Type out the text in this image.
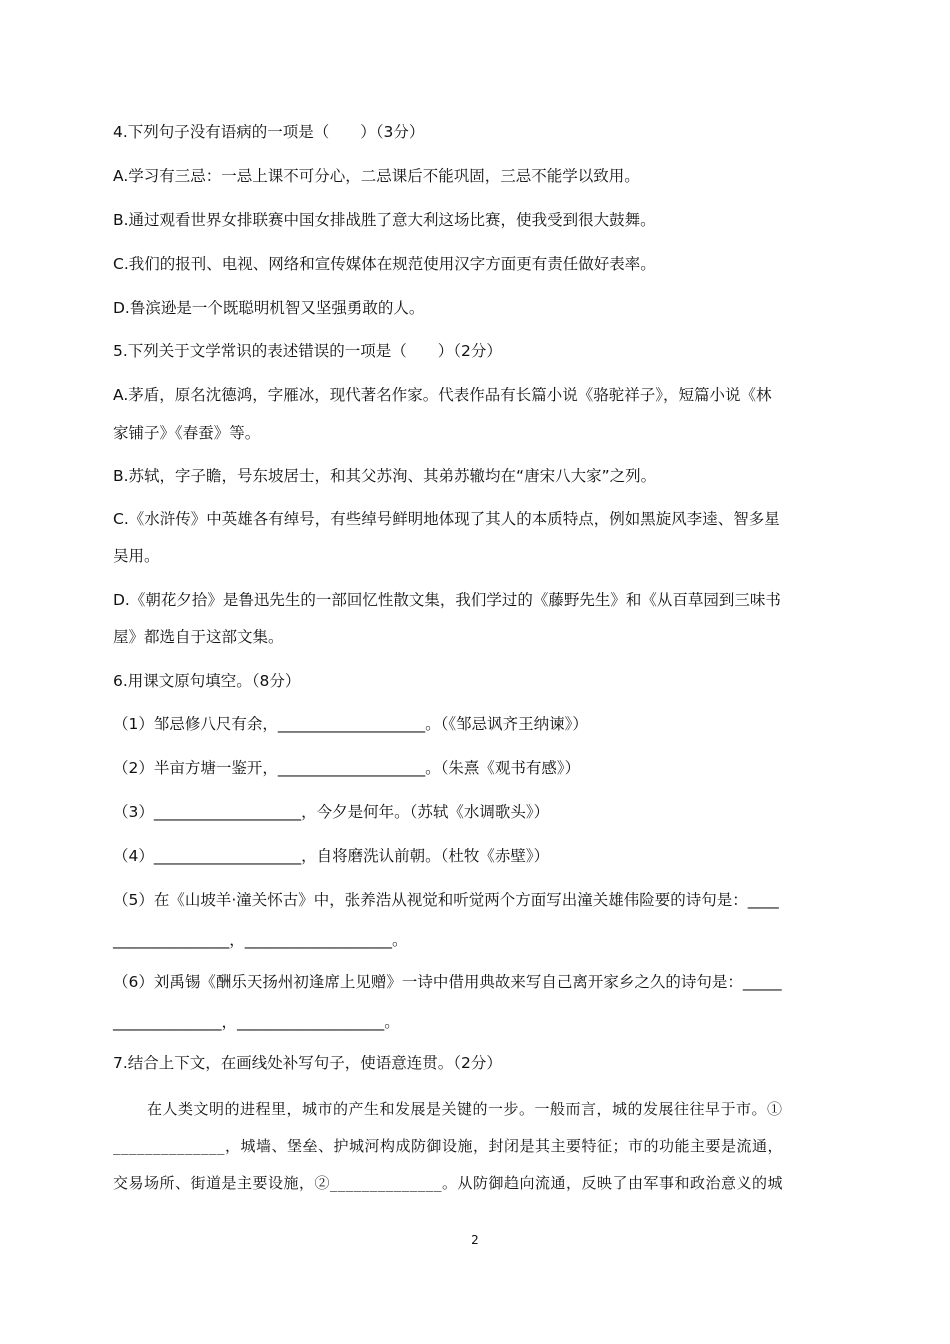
4.下列句子没有语病的一项是（　　）（3分）
A.学习有三忌：一忌上课不可分心，二忌课后不能巩固，三忌不能学以致用。
B.通过观看世界女排联赛中国女排战胜了意大利这场比赛，使我受到很大鼓舞。
C.我们的报刊、电视、网络和宣传媒体在规范使用汉字方面更有责任做好表率。
D.鲁滨逊是一个既聪明机智又坚强勇敢的人。
5.下列关于文学常识的表述错误的一项是（　　）（2分）
A.茅盾，原名沈德鸿，字雁冰，现代著名作家。代表作品有长篇小说《骆驼祥子》，短篇小说《林
家铺子》《春蚕》等。
B.苏轼，字子瞻，号东坡居士，和其父苏洵、其弟苏辙均在“唐宋八大家”之列。
C.《水浒传》中英雄各有绰号，有些绰号鲜明地体现了其人的本质特点，例如黑旋风李逵、智多星
吴用。
D.《朝花夕拾》是鲁迅先生的一部回忆性散文集，我们学过的《藤野先生》和《从百草园到三味书
屋》都选自于这部文集。
6.用课文原句填空。（8分）
（1）邹忌修八尺有余，___________________。（《邹忌讽齐王纳谏》）
（2）半亩方塘一鉴开，___________________。（朱熹《观书有感》）
（3）___________________，今夕是何年。（苏轼《水调歌头》）
（4）___________________，自将磨洗认前朝。（杜牧《赤壁》）
（5）在《山坡羊·潼关怀古》中，张养浩从视觉和听觉两个方面写出潼关雄伟险要的诗句是：____
_______________，___________________。
（6）刘禹锡《酬乐天扬州初逢席上见赠》一诗中借用典故来写自己离开家乡之久的诗句是：_____
______________，___________________。
7.结合上下文，在画线处补写句子，使语意连贯。（2分）
在人类文明的进程里，城市的产生和发展是关键的一步。一般而言，城的发展往往早于市。①
______________，城墙、堡垒、护城河构成防御设施，封闭是其主要特征；市的功能主要是流通，
交易场所、街道是主要设施，②______________。从防御趋向流通，反映了由军事和政治意义的城
2
